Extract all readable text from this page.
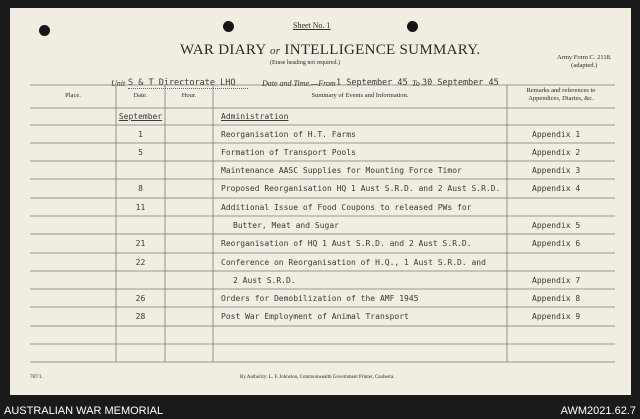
Sheet No. 1
WAR DIARY or INTELLIGENCE SUMMARY.
(Erase heading not required.)
Army Form C. 2118.
(adapted.)
Unit S & T Directorate LHQ	Date and Time.—From 1 September 45 To 30 September 45
Place.	Date.	Hour.	Summary of Events and Information.
Remarks and references to
Appendices, Diaries, &c.
September	Administration
1	Reorganisation of H.T. Farms	Appendix 1
5	Formation of Transport Pools	Appendix 2
Maintenance AASC Supplies for Mounting Force Timor	Appendix 3
8	Proposed Reorganisation HQ 1 Aust S.R.D. and 2 Aust S.R.D.	Appendix 4
11	Additional Issue of Food Coupons to released PWs for
Butter, Meat and Sugar	Appendix 5
21	Reorganisation of HQ 1 Aust S.R.D. and 2 Aust S.R.D.	Appendix 6
22	Conference on Reorganisation of H.Q., 1 Aust S.R.D. and
2 Aust S.R.D.	Appendix 7
26	Orders for Demobilization of the AMF 1945	Appendix 8
28	Post War Employment of Animal Transport	Appendix 9
787/1.	By Authority: L. F. Johnston, Commonwealth Government Printer, Canberra.
AUSTRALIAN WAR MEMORIAL	AWM2021.62.7
